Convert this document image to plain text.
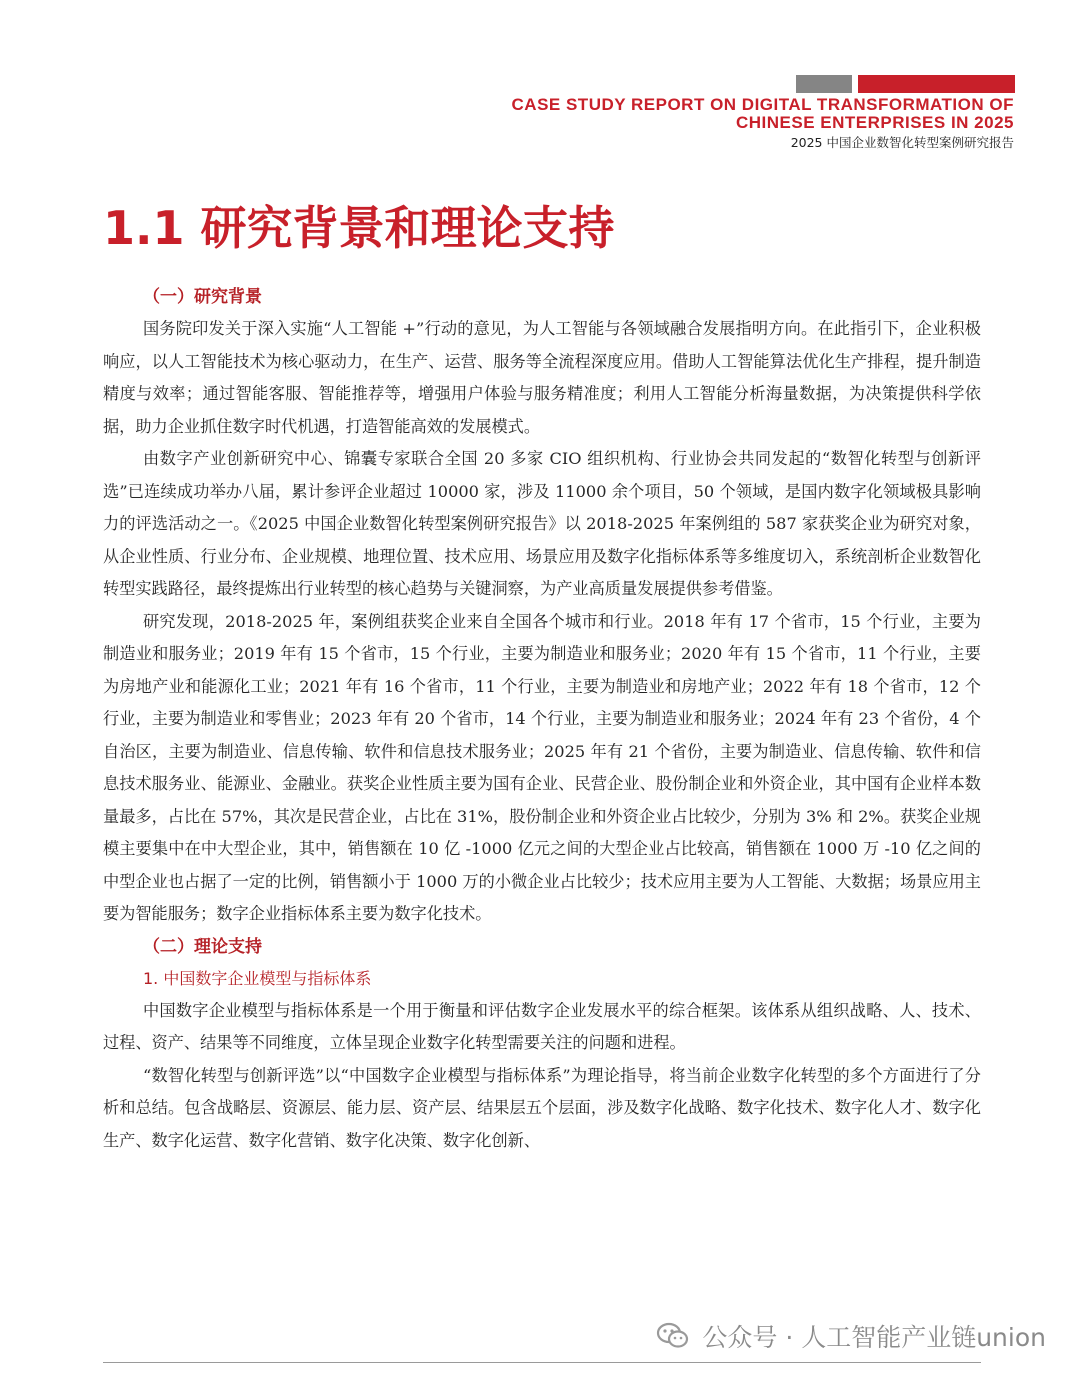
CASE STUDY REPORT ON DIGITAL TRANSFORMATION OF
CHINESE ENTERPRISES IN 2025
2025 中国企业数智化转型案例研究报告
1.1 研究背景和理论支持

（一）研究背景

国务院印发关于深入实施“人工智能 +”行动的意见，为人工智能与各领域融合发展指明方向。在此指引下，企业积极响应，以人工智能技术为核心驱动力，在生产、运营、服务等全流程深度应用。借助人工智能算法优化生产排程，提升制造精度与效率；通过智能客服、智能推荐等，增强用户体验与服务精准度；利用人工智能分析海量数据，为决策提供科学依据，助力企业抓住数字时代机遇，打造智能高效的发展模式。

由数字产业创新研究中心、锦囊专家联合全国 20 多家 CIO 组织机构、行业协会共同发起的“数智化转型与创新评选”已连续成功举办八届，累计参评企业超过 10000 家，涉及 11000 余个项目，50 个领域，是国内数字化领域极具影响力的评选活动之一。《2025 中国企业数智化转型案例研究报告》以 2018-2025 年案例组的 587 家获奖企业为研究对象，从企业性质、行业分布、企业规模、地理位置、技术应用、场景应用及数字化指标体系等多维度切入，系统剖析企业数智化转型实践路径，最终提炼出行业转型的核心趋势与关键洞察，为产业高质量发展提供参考借鉴。

研究发现，2018-2025 年，案例组获奖企业来自全国各个城市和行业。2018 年有 17 个省市，15 个行业，主要为制造业和服务业；2019 年有 15 个省市，15 个行业，主要为制造业和服务业；2020 年有 15 个省市，11 个行业，主要为房地产业和能源化工业；2021 年有 16 个省市，11 个行业，主要为制造业和房地产业；2022 年有 18 个省市，12 个行业，主要为制造业和零售业；2023 年有 20 个省市，14 个行业，主要为制造业和服务业；2024 年有 23 个省份，4 个自治区，主要为制造业、信息传输、软件和信息技术服务业；2025 年有 21 个省份，主要为制造业、信息传输、软件和信息技术服务业、能源业、金融业。获奖企业性质主要为国有企业、民营企业、股份制企业和外资企业，其中国有企业样本数量最多，占比在 57%，其次是民营企业，占比在 31%，股份制企业和外资企业占比较少，分别为 3% 和 2%。获奖企业规模主要集中在中大型企业，其中，销售额在 10 亿 -1000 亿元之间的大型企业占比较高，销售额在 1000 万 -10 亿之间的中型企业也占据了一定的比例，销售额小于 1000 万的小微企业占比较少；技术应用主要为人工智能、大数据；场景应用主要为智能服务；数字企业指标体系主要为数字化技术。

（二）理论支持

1. 中国数字企业模型与指标体系

中国数字企业模型与指标体系是一个用于衡量和评估数字企业发展水平的综合框架。该体系从组织战略、人、技术、过程、资产、结果等不同维度，立体呈现企业数字化转型需要关注的问题和进程。

“数智化转型与创新评选”以“中国数字企业模型与指标体系”为理论指导，将当前企业数字化转型的多个方面进行了分析和总结。包含战略层、资源层、能力层、资产层、结果层五个层面，涉及数字化战略、数字化技术、数字化人才、数字化生产、数字化运营、数字化营销、数字化决策、数字化创新、

公众号 · 人工智能产业链union
